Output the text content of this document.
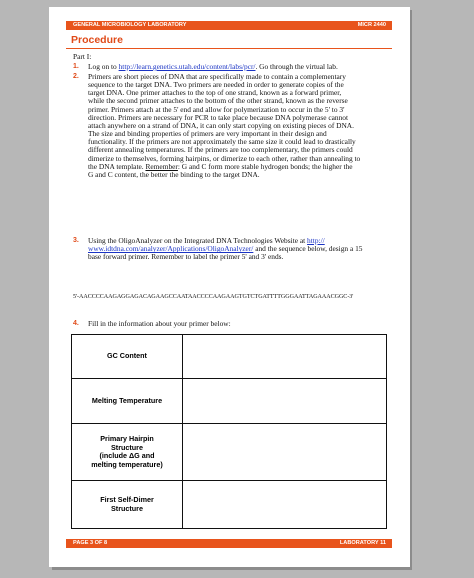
GENERAL MICROBIOLOGY LABORATORY	MICR 2440
Procedure
Part I:
1. Log on to http://learn.genetics.utah.edu/content/labs/pcr/. Go through the virtual lab.
2. Primers are short pieces of DNA that are specifically made to contain a complementary
sequence to the target DNA. Two primers are needed in order to generate copies of the
target DNA. One primer attaches to the top of one strand, known as a forward primer,
while the second primer attaches to the bottom of the other strand, known as the reverse
primer. Primers attach at the 5' end and allow for polymerization to occur in the 5' to 3'
direction. Primers are necessary for PCR to take place because DNA polymerase cannot
attach anywhere on a strand of DNA, it can only start copying on existing pieces of DNA.
The size and binding properties of primers are very important in their design and
functionality. If the primers are not approximately the same size it could lead to drastically
different annealing temperatures. If the primers are too complementary, the primers could
dimerize to themselves, forming hairpins, or dimerize to each other, rather than annealing to
the DNA template. Remember: G and C form more stable hydrogen bonds; the higher the
G and C content, the better the binding to the target DNA.
3. Using the OligoAnalyzer on the Integrated DNA Technologies Website at http://
www.idtdna.com/analyzer/Applications/OligoAnalyzer/ and the sequence below, design a 15
base forward primer. Remember to label the primer 5' and 3' ends.
5'-AACCCCAAGAGGAGACAGAAGCCAATAACCCCAAGAAGTGTCTGATTTTGGGAATTAGAAACGGC-3'
4. Fill in the information about your primer below:
GC Content	

Melting Temperature	

Primary Hairpin
Structure
(include ΔG and
melting temperature)	

First Self-Dimer
Structure	

PAGE 3 OF 8	LABORATORY 11
